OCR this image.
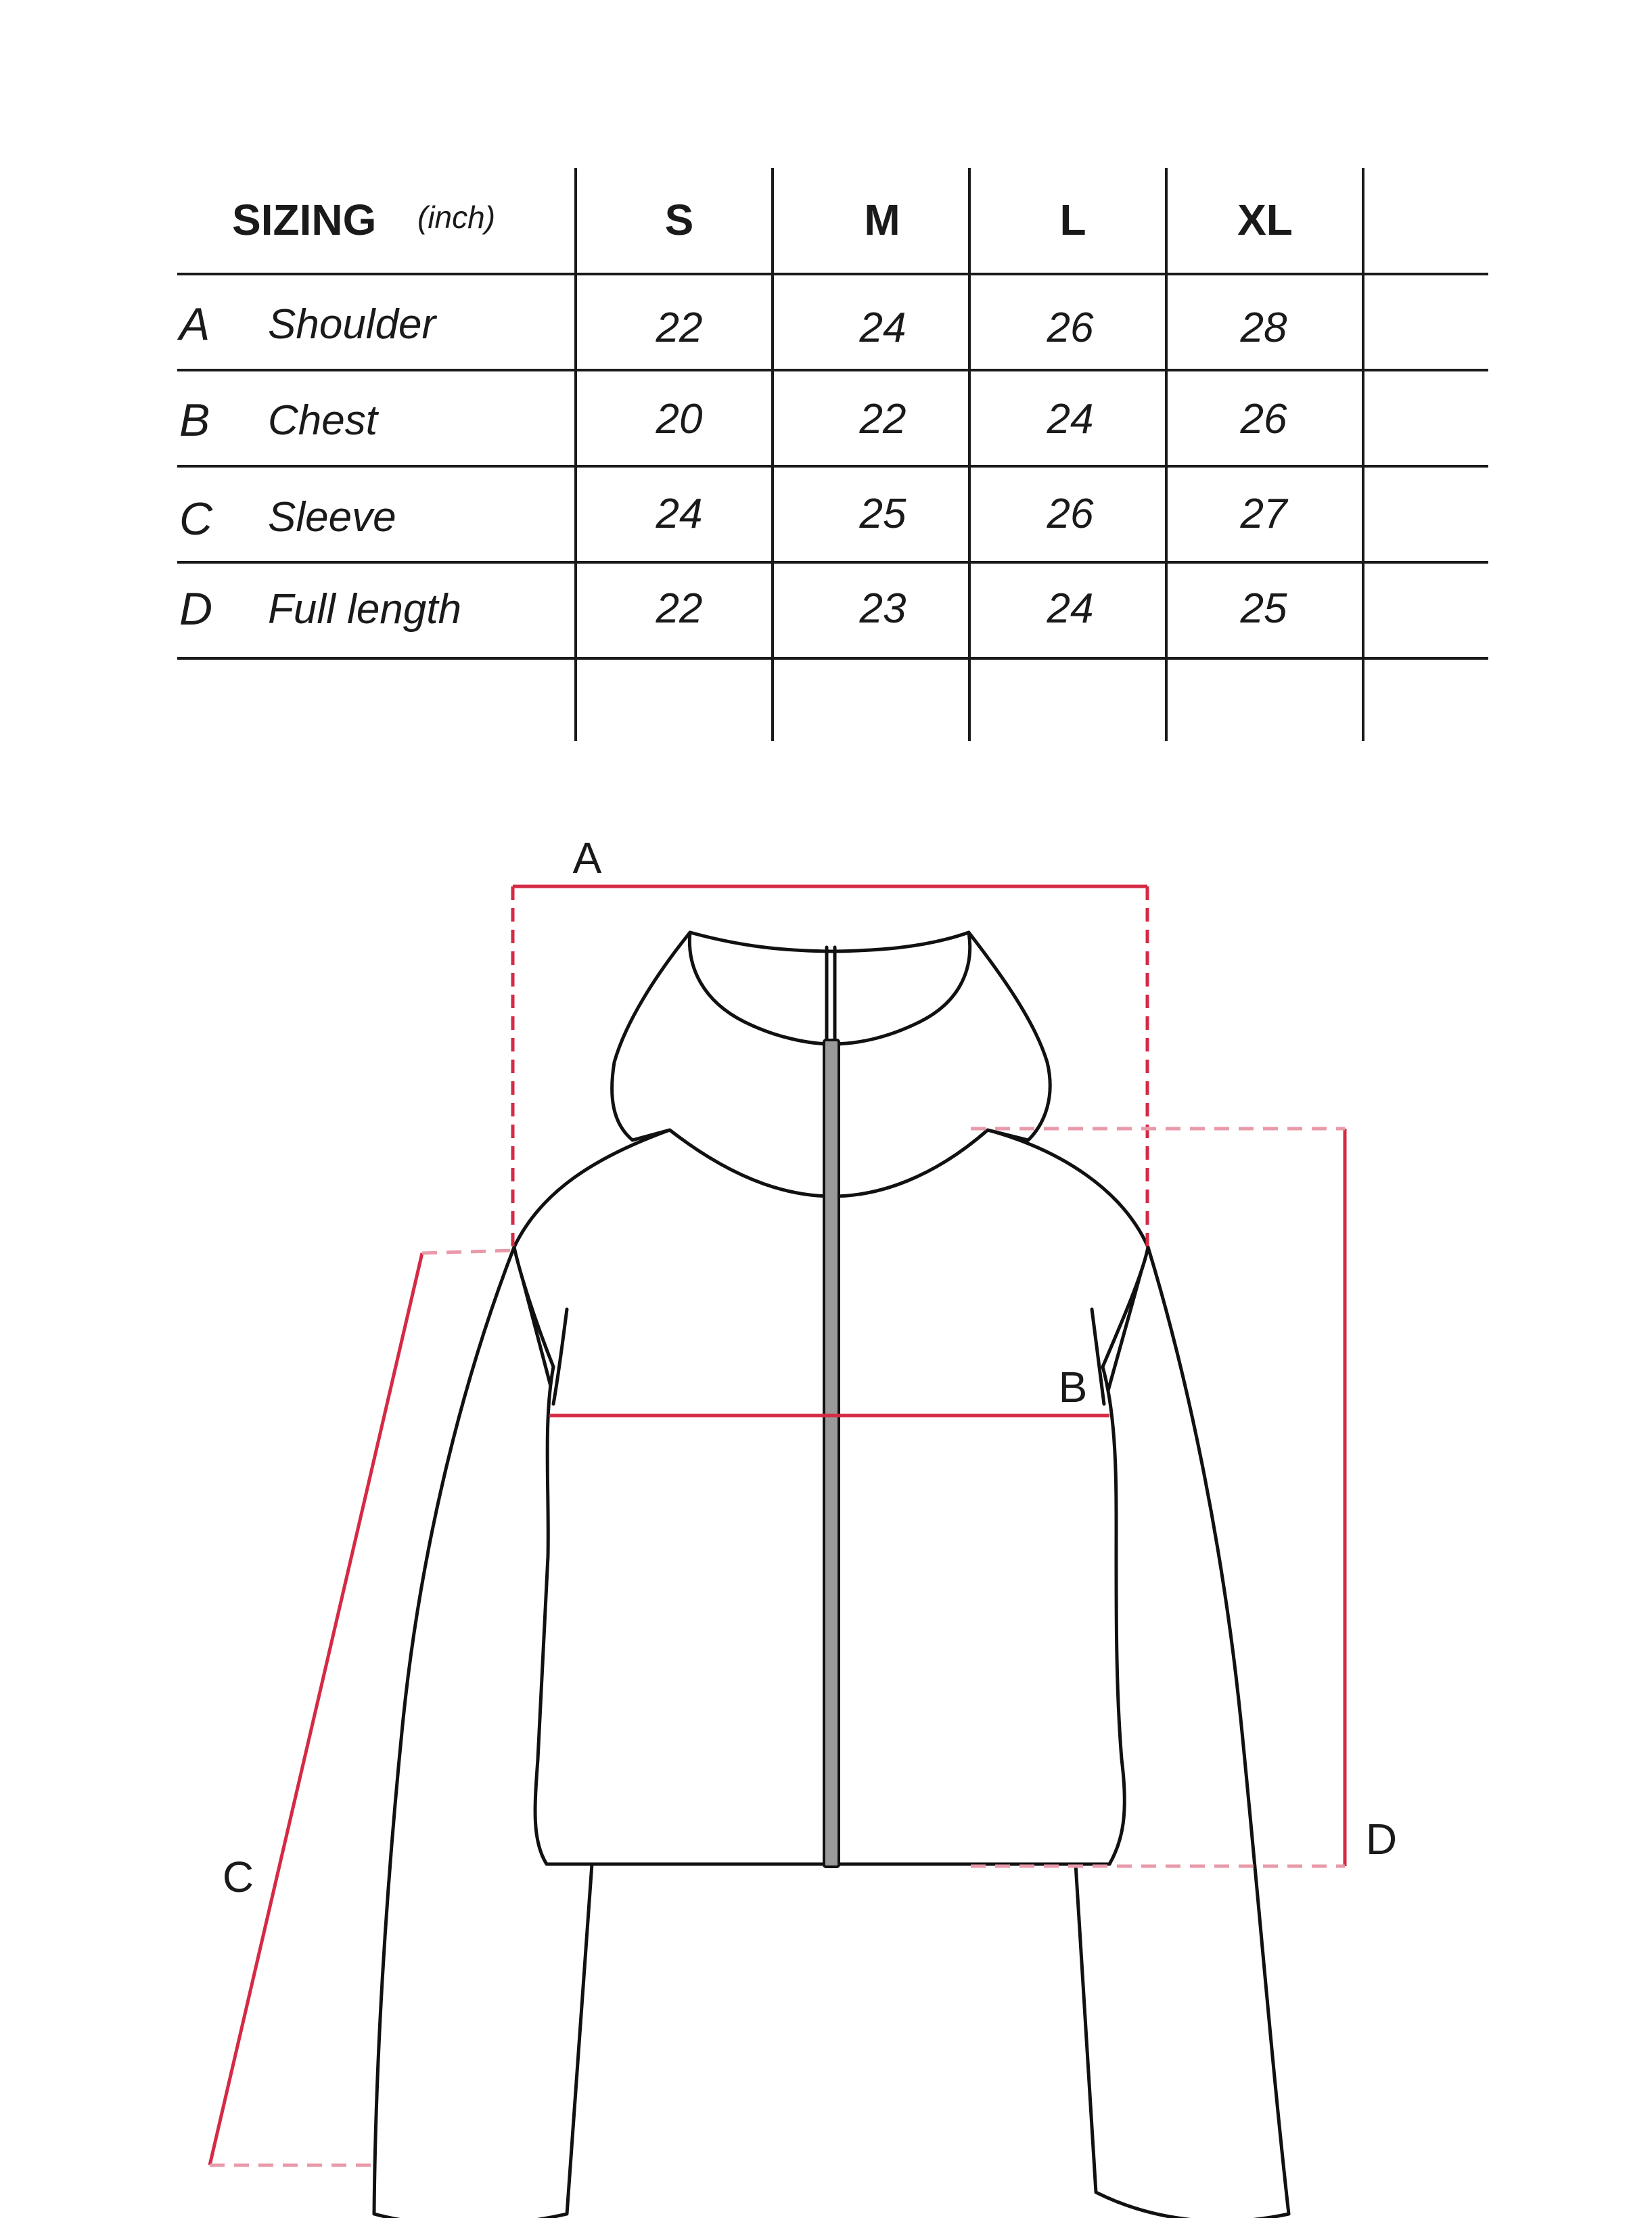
SIZING (inch)	S	M	L	XL
A Shoulder	22	24	26	28
B Chest	20	22	24	26
C Sleeve	24	25	26	27
D Full length	22	23	24	25
A
B
C
D
